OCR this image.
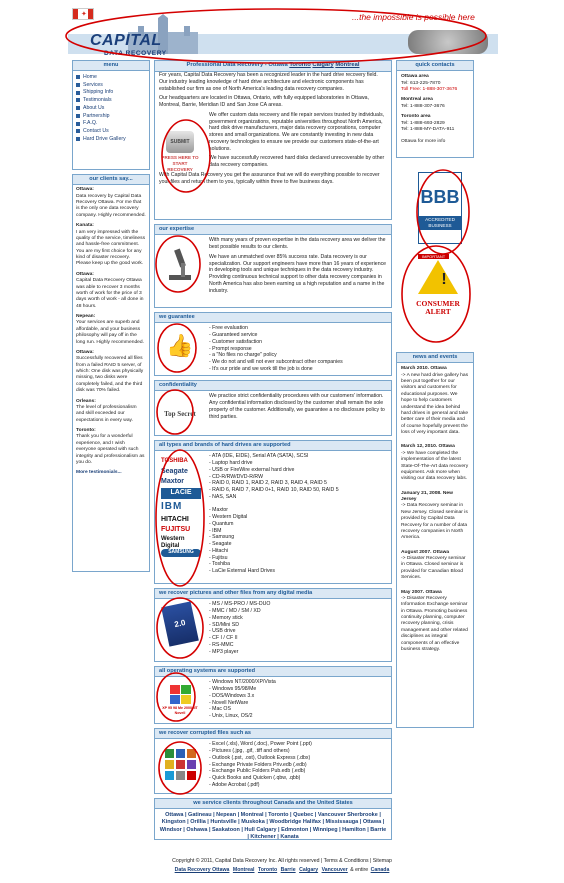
✦
CAPITAL
DATA RECOVERY
...the impossible is possible here
menu
Home
Services
Shipping Info
Testimonials
About Us
Partnership
F.A.Q.
Contact Us
Hard Drive Gallery
our clients say...

Ottawa:
Data recovery by Capital Data Recovery Ottawa. For me that is the only one data recovery company. Highly recommended.

Kanata:
I am very impressed with the quality of the service, timeliness and hassle-free commitment. You are my first choice for any kind of disaster recovery. Please keep up the good work.

Ottawa:
Capital Data Recovery Ottawa was able to recover 3 months worth of work for the price of 3 days worth of work - all done in 48 hours.

Nepean:
Your services are superb and affordable, and your business philosophy will pay off in the long run. Highly recommended.

Ottawa:
Successfully recovered all files from a failed RAID 5 server, of which: One disk was physically missing, two disks were completely failed, and the third disk was 70% failed.

Orleans:
The level of professionalism and skill exceeded our expectations in every way.

Toronto:
Thank you for a wonderful experience, and I wish everyone operated with such integrity and professionalism as you do.

More testimonials...

Professional Data Recovery - Ottawa Toronto Calgary Montreal

For years, Capital Data Recovery has been a recognized leader in the hard drive recovery field. Our industry leading knowledge of hard drive architecture and electronic components has established our firm as one of North America's leading data recovery companies.

Our headquarters are located in Ottawa, Ontario, with fully equipped laboratories in Ottawa, Montreal, Barrie, Meridian ID and San Jose CA areas.

SUBMIT
PRESS HERE TO START RECOVERY

We offer custom data recovery and file repair services trusted by individuals, government organizations, reputable universities throughout North America, hard disk drive manufacturers, major data recovery corporations, computer stores and small organizations. We are constantly investing in new data recovery technologies to ensure we provide our customers state-of-the-art solutions.

We have successfully recovered hard disks declared unrecoverable by other data recovery companies.

With Capital Data Recovery you get the assurance that we will do everything possible to recover your files and return them to you, typically within three to five business days.

our expertise

With many years of proven expertise in the data recovery area we deliver the best possible results to our clients.

We have an unmatched over 85% success rate. Data recovery is our specialization. Our support engineers have more than 16 years of experience in developing tools and unique techniques in the data recovery industry. Providing continuous technical support to other data recovery companies in North America has also been earning us a high reputation and a name in the industry.

we guarantee
👍
- Free evaluation
- Guaranteed service
- Customer satisfaction
- Prompt response
- a "No files no charge" policy
- We do not and will not ever subcontract other companies
- It's our pride and we work till the job is done
confidentiality
Top Secret

We practice strict confidentiality procedures with our customers' information. Any confidential information disclosed by the customer shall remain the sole property of the customer. Additionally, we guarantee a no disclosure policy to third parties.

all types and brands of hard drives are supported
TOSHIBA
Seagate
Maxtor
LACIE
IBM
HITACHI
FUJITSU
Western Digital
SAMSUNG
- ATA (IDE, EIDE), Serial ATA (SATA), SCSI
- Laptop hard drive
- USB or FireWire external hard drive
- CD-R/RW/DVD-R/RW
- RAID 0, RAID 1, RAID 2, RAID 3, RAID 4, RAID 5
- RAID 6, RAID 7, RAID 0+1, RAID 10, RAID 50, RAID 5
- NAS, SAN

- Maxtor
- Western Digital
- Quantum
- IBM
- Samsung
- Seagate
- Hitachi
- Fujitsu
- Toshiba
- LaCie External Hard Drives
we recover pictures and other files from any digital media
2.0
- MS / MS-PRO / MS-DUO
- MMC / MD / SM / XD
- Memory stick
- SD/Mini SD
- USB drive
- CF I / CF II
- RS-MMC
- MP3 player
all operating systems are supported
XP 95 98 Me 2000 NT Novell
- Windows NT/2000/XP/Vista
- Windows 95/98/Me
- DOS/Windows 3.x
- Novell NetWare
- Mac OS
- Unix, Linux, OS/2
we recover corrupted files such as
- Excel (.xls), Word (.doc), Power Point (.ppt)
- Pictures (.jpg, .gif, .tiff and others)
- Outlook (.pst, .ost), Outlook Express (.dbx)
- Exchange Private Folders Priv.edb (.edb)
- Exchange Public Folders Pub.edb (.edb)
- Quick Books and Quicken (.qbw, .qbb)
- Adobe Acrobat (.pdf)
we service clients throughout Canada and the United States
Ottawa | Gatineau | Nepean | Montreal | Toronto | Quebec | Vancouver Sherbrooke | Kingston | Orillia | Huntsville | Muskoka | Woodbridge Halifax | Mississauga | Ottawa | Windsor | Oshawa | Saskatoon | Hull Calgary | Edmonton | Winnipeg | Hamilton | Barrie | Kitchener | Kanata
quick contacts
Ottawa area
Tel: 613-225-7870
Toll Free: 1-888-307-3676
Montreal area
Tel: 1-888-307-3676
Toronto area
Tel: 1-888-693-2829
Tel: 1-888-MY-DATA-911
Ottawa for more info
BBB
ACCREDITED BUSINESS
IMPORTANT
CONSUMER
ALERT
!
news and events

March 2010. Ottawa
-> A new hard drive gallery has been put together for our visitors and customers for educational purposes. We hope to help customers understand the idea behind hard drives in general and take better care of their media and of course hopefully prevent the loss of very important data.

March 12, 2010. Ottawa
-> We have completed the implementation of the latest State-Of-The-Art data recovery equipment. Ask more when visiting our data recovery labs.

January 21, 2008. New Jersey
-> Data Recovery seminar in New Jersey. Closed seminar is provided by Capital Data Recovery for a number of data recovery companies in North America.

August 2007. Ottawa
-> Disaster Recovery seminar in Ottawa. Closed seminar is provided for Canadian Blood Services.

May 2007. Ottawa
-> Disaster Recovery Information Exchange seminar in Ottawa. Promoting business continuity planning, computer recovery planning, crisis management and other related disciplines as integral components of an effective business strategy.

Copyright © 2011, Capital Data Recovery Inc. All rights reserved | Terms & Conditions | Sitemap
Data Recovery Ottawa Montreal Toronto Barrie Calgary Vancouver & entire Canada
